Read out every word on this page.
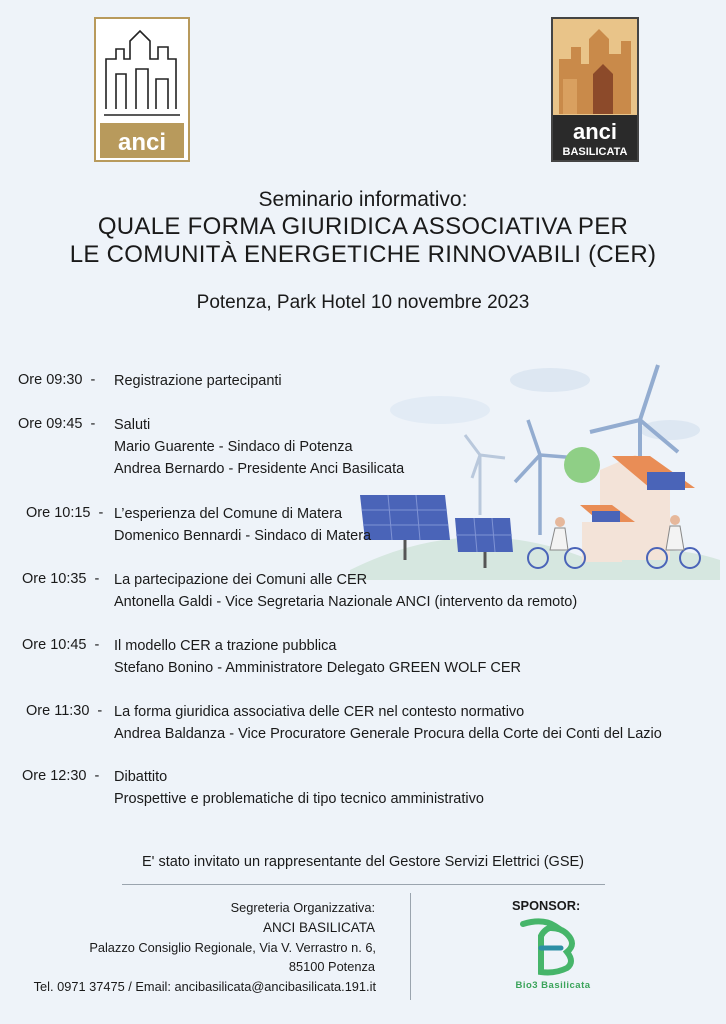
anci	anci
BASILICATA
Seminario informativo:
QUALE FORMA GIURIDICA ASSOCIATIVA PER
LE COMUNITÀ ENERGETICHE RINNOVABILI (CER)
Potenza, Park Hotel 10 novembre 2023
Ore 09:30 - Registrazione partecipanti
Ore 09:45 - Saluti
Mario Guarente - Sindaco di Potenza
Andrea Bernardo - Presidente Anci Basilicata
Ore 10:15 - L’esperienza del Comune di Matera
Domenico Bennardi - Sindaco di Matera
Ore 10:35 - La partecipazione dei Comuni alle CER
Antonella Galdi - Vice Segretaria Nazionale ANCI (intervento da remoto)
Ore 10:45 - Il modello CER a trazione pubblica
Stefano Bonino - Amministratore Delegato GREEN WOLF CER
Ore 11:30 - La forma giuridica associativa delle CER nel contesto normativo
Andrea Baldanza - Vice Procuratore Generale Procura della Corte dei Conti del Lazio
Ore 12:30 - Dibattito
Prospettive e problematiche di tipo tecnico amministrativo
E' stato invitato un rappresentante del Gestore Servizi Elettrici (GSE)
Segreteria Organizzativa:
ANCI BASILICATA
Palazzo Consiglio Regionale, Via V. Verrastro n. 6,
85100 Potenza
Tel. 0971 37475 / Email: ancibasilicata@ancibasilicata.191.it
SPONSOR:
Bio3 Basilicata
